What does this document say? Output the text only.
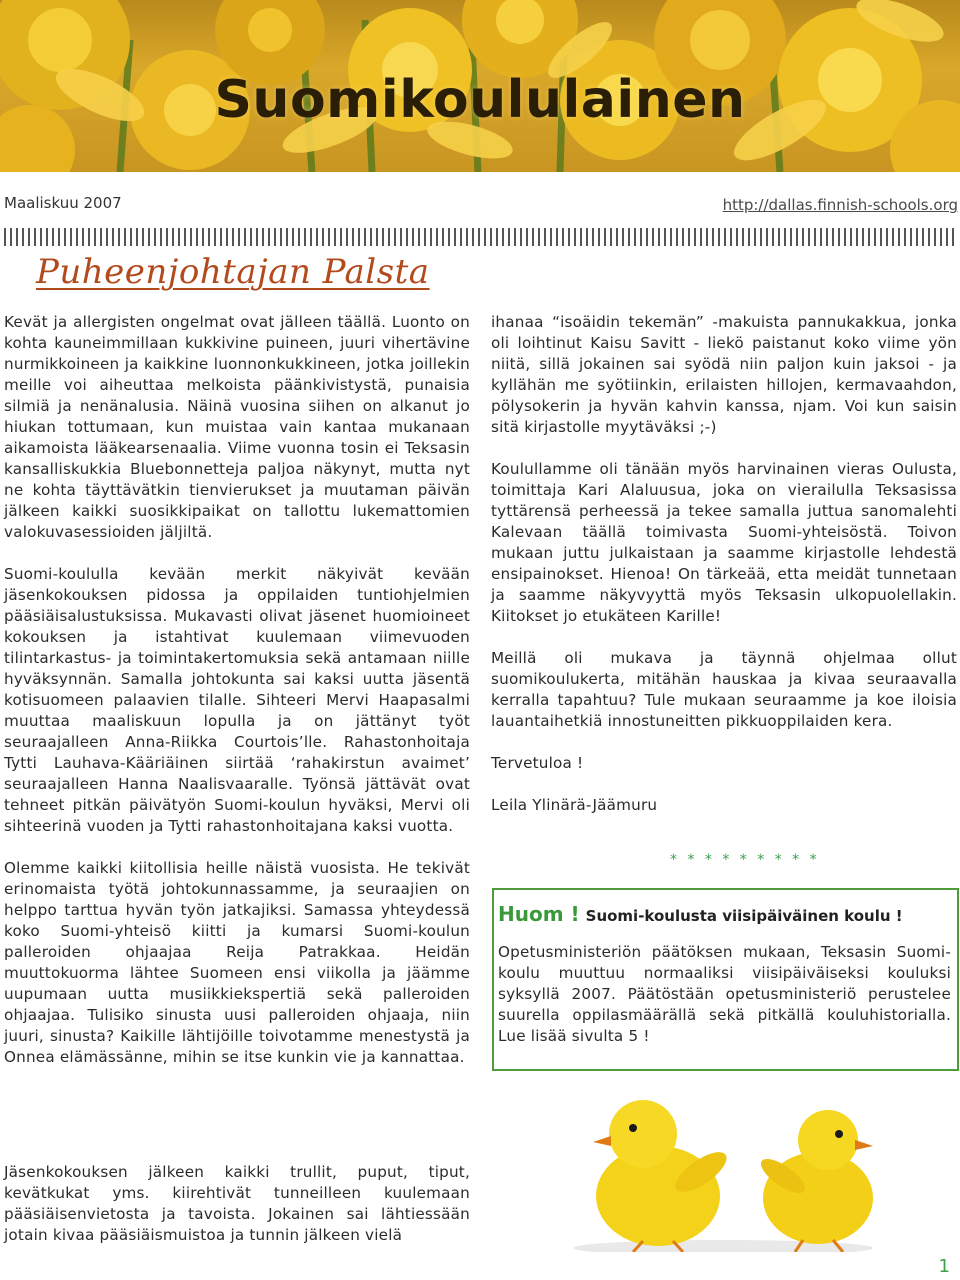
Suomikoululainen
Maaliskuu 2007	http://dallas.finnish-schools.org
Puheenjohtajan Palsta

Kevät ja allergisten ongelmat ovat jälleen täällä. Luonto on kohta kauneimmillaan kukkivine puineen, juuri vihertävine nurmikkoineen ja kaikkine luonnonkukkineen, jotka joillekin meille voi aiheuttaa melkoista päänkivistystä, punaisia silmiä ja nenänalusia. Näinä vuosina siihen on alkanut jo hiukan tottumaan, kun muistaa vain kantaa mukanaan aikamoista lääkearsenaalia. Viime vuonna tosin ei Teksasin kansalliskukkia Bluebonnetteja paljoa näkynyt, mutta nyt ne kohta täyttävätkin tienvierukset ja muutaman päivän jälkeen kaikki suosikkipaikat on tallottu lukemattomien valokuvasessioiden jäljiltä.

Suomi-koululla kevään merkit näkyivät kevään jäsenkokouksen pidossa ja oppilaiden tuntiohjelmien pääsiäisalustuksissa. Mukavasti olivat jäsenet huomioineet kokouksen ja istahtivat kuulemaan viimevuoden tilintarkastus- ja toimintakertomuksia sekä antamaan niille hyväksynnän. Samalla johtokunta sai kaksi uutta jäsentä kotisuomeen palaavien tilalle. Sihteeri Mervi Haapasalmi muuttaa maaliskuun lopulla ja on jättänyt työt seuraajalleen Anna-Riikka Courtois’lle. Rahastonhoitaja Tytti Lauhava-Kääriäinen siirtää ‘rahakirstun avaimet’ seuraajalleen Hanna Naalisvaaralle. Työnsä jättävät ovat tehneet pitkän päivätyön Suomi-koulun hyväksi, Mervi oli sihteerinä vuoden ja Tytti rahastonhoitajana kaksi vuotta.

Olemme kaikki kiitollisia heille näistä vuosista. He tekivät erinomaista työtä johtokunnassamme, ja seuraajien on helppo tarttua hyvän työn jatkajiksi. Samassa yhteydessä koko Suomi-yhteisö kiitti ja kumarsi Suomi-koulun palleroiden ohjaajaa Reija Patrakkaa. Heidän muuttokuorma lähtee Suomeen ensi viikolla ja jäämme uupumaan uutta musiikkiekspertiä sekä palleroiden ohjaajaa. Tulisiko sinusta uusi palleroiden ohjaaja, niin juuri, sinusta? Kaikille lähtijöille toivotamme menestystä ja Onnea elämässänne, mihin se itse kunkin vie ja kannattaa.

Jäsenkokouksen jälkeen kaikki trullit, puput, tiput, kevätkukat yms. kiirehtivät tunneilleen kuulemaan pääsiäisenvietosta ja tavoista. Jokainen sai lähtiessään jotain kivaa pääsiäismuistoa ja tunnin jälkeen vielä

ihanaa “isoäidin tekemän” -makuista pannukakkua, jonka oli loihtinut Kaisu Savitt - liekö paistanut koko viime yön niitä, sillä jokainen sai syödä niin paljon kuin jaksoi - ja kyllähän me syötiinkin, erilaisten hillojen, kermavaahdon, pölysokerin ja hyvän kahvin kanssa, njam. Voi kun saisin sitä kirjastolle myytäväksi ;-)

Koulullamme oli tänään myös harvinainen vieras Oulusta, toimittaja Kari Alaluusua, joka on vierailulla Teksasissa tyttärensä perheessä ja tekee samalla juttua sanomalehti Kalevaan täällä toimivasta Suomi-yhteisöstä. Toivon mukaan juttu julkaistaan ja saamme kirjastolle lehdestä ensipainokset. Hienoa! On tärkeää, etta meidät tunnetaan ja saamme näkyvyyttä myös Teksasin ulkopuolellakin. Kiitokset jo etukäteen Karille!

Meillä oli mukava ja täynnä ohjelmaa ollut suomikoulukerta, mitähän hauskaa ja kivaa seuraavalla kerralla tapahtuu? Tule mukaan seuraamme ja koe iloisia lauantaihetkiä innostuneitten pikkuoppilaiden kera.

Tervetuloa !

Leila Ylinärä-Jäämuru

* * * * * * * * *
Huom ! Suomi-koulusta viisipäiväinen koulu !
Opetusministeriön päätöksen mukaan, Teksasin Suomi-koulu muuttuu normaaliksi viisipäiväiseksi kouluksi syksyllä 2007. Päätöstään opetusministeriö perustelee suurella oppilasmäärällä sekä pitkällä kouluhistorialla. Lue lisää sivulta 5 !
1
